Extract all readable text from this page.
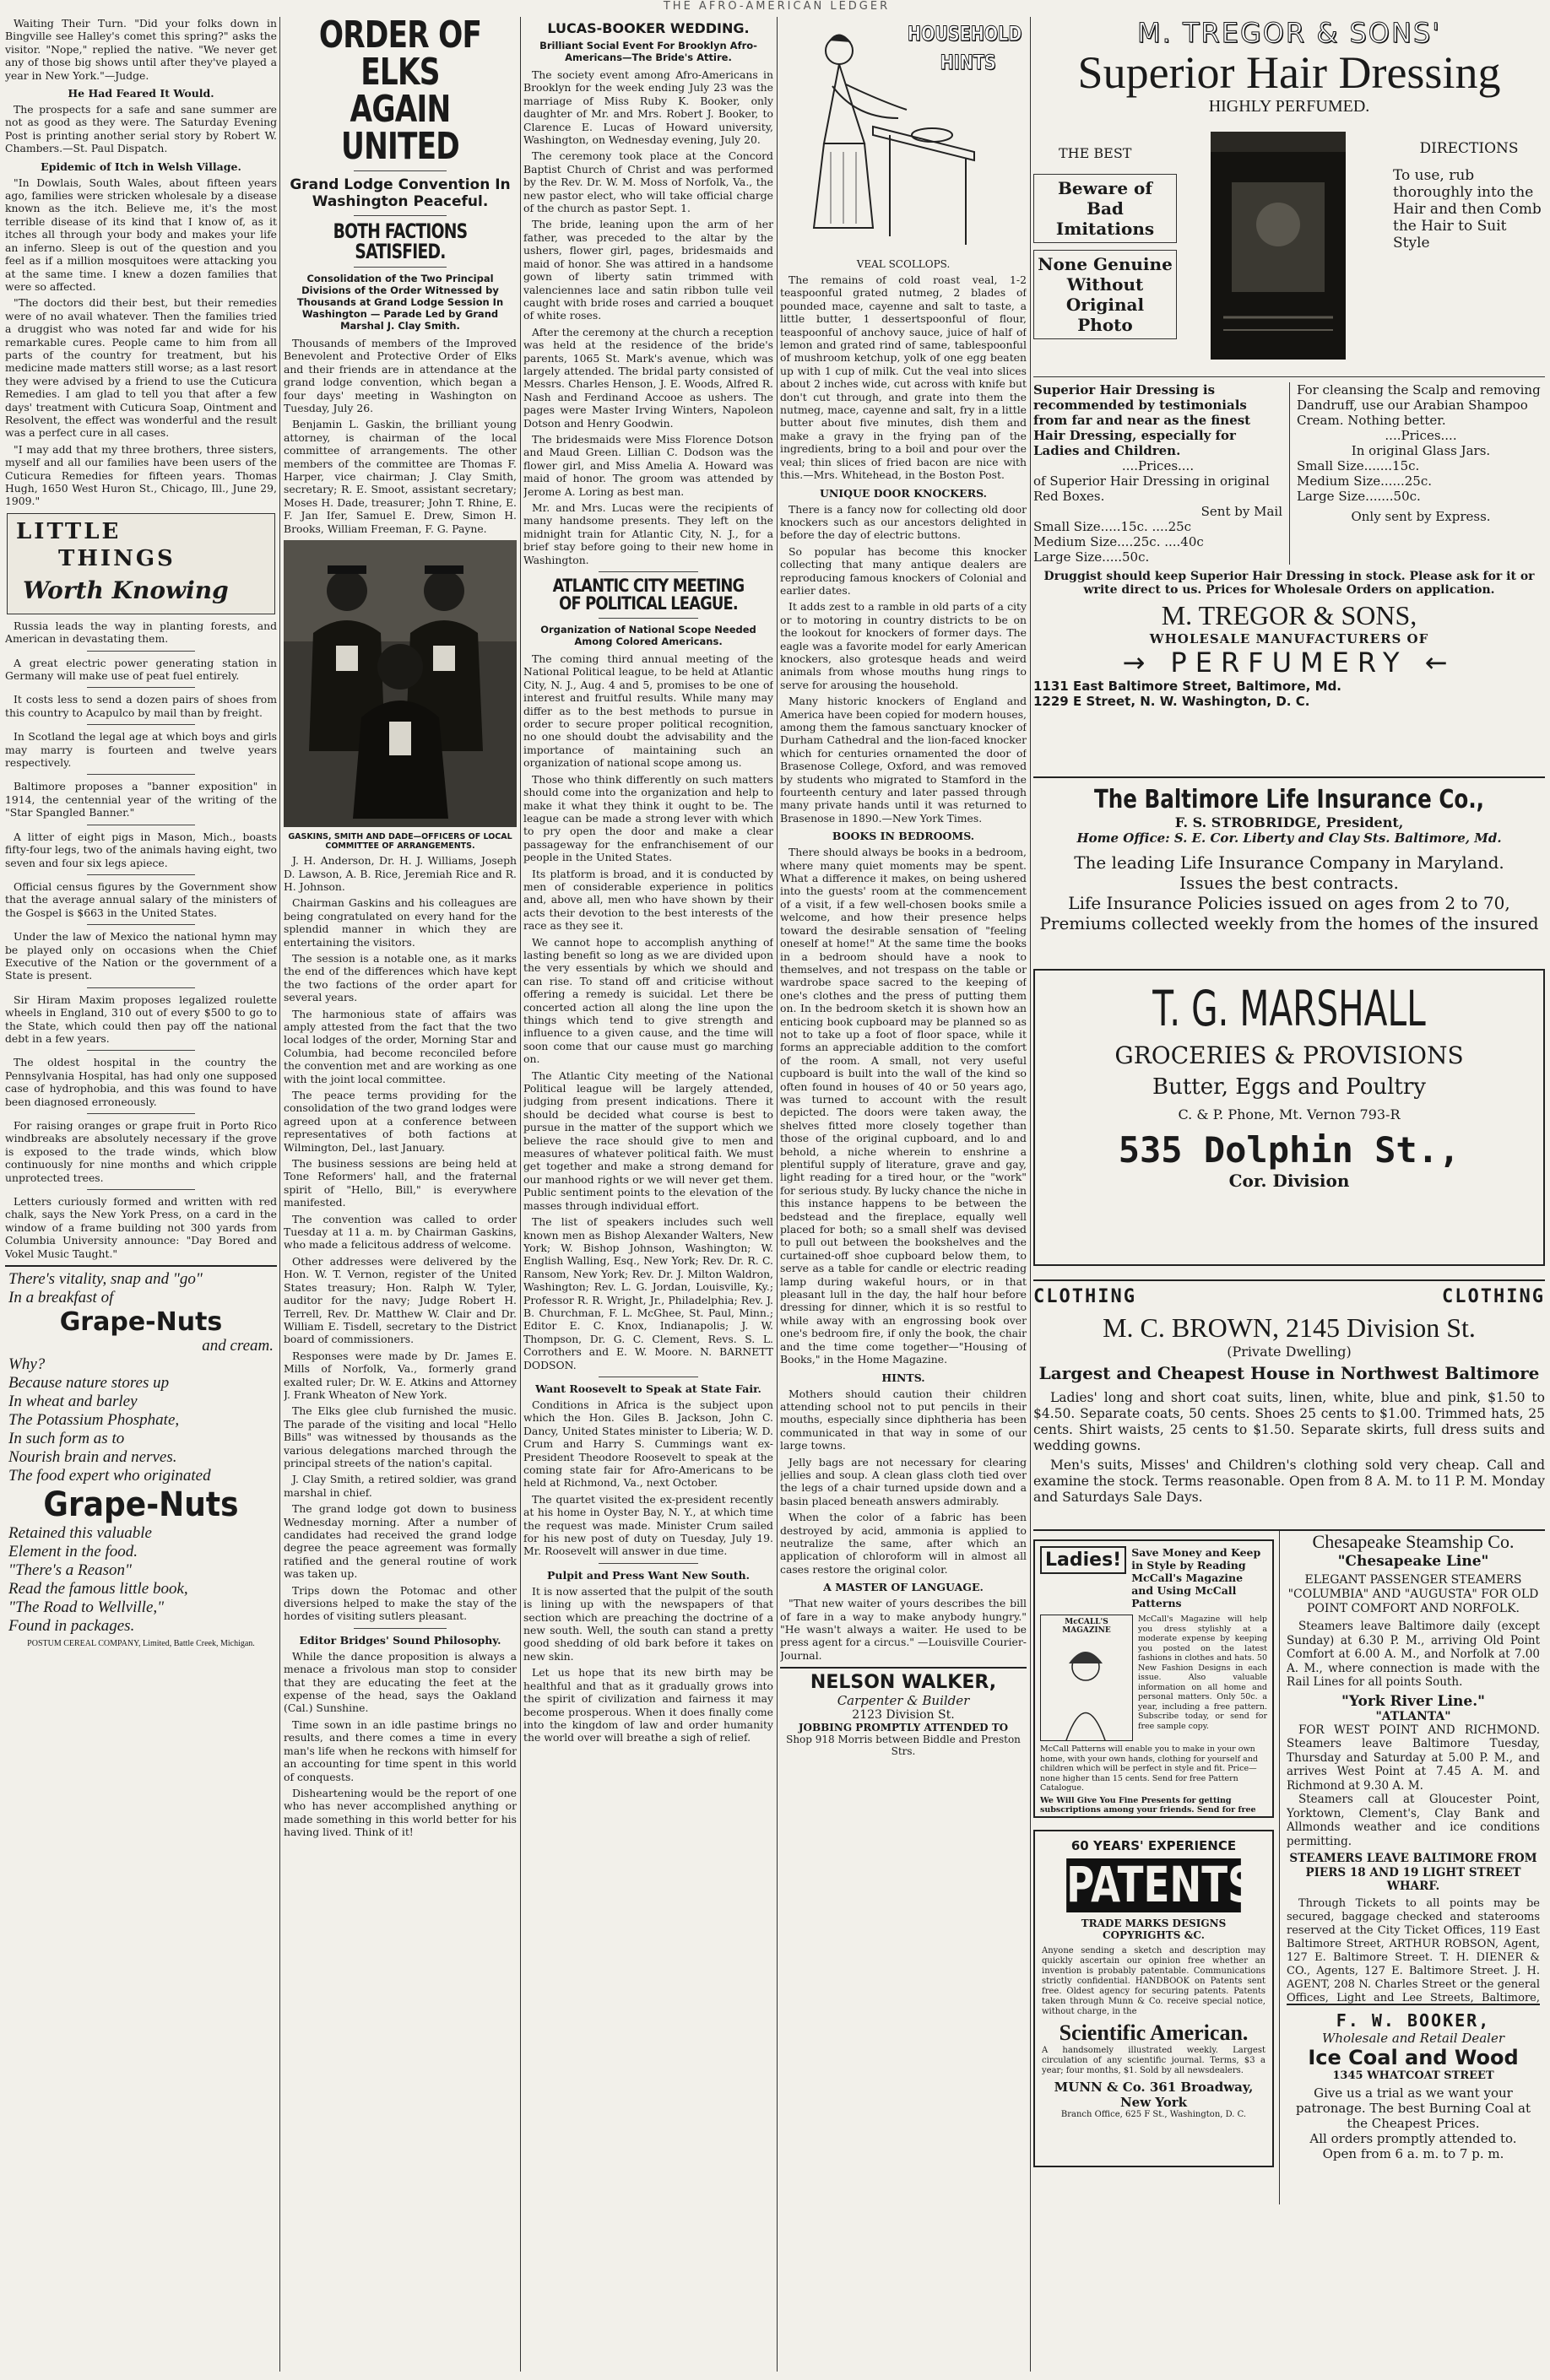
THE AFRO-AMERICAN LEDGER

Waiting Their Turn. "Did your folks down in Bingville see Halley's comet this spring?" asks the visitor. "Nope," replied the native. "We never get any of those big shows until after they've played a year in New York."—Judge.

He Had Feared It Would.

The prospects for a safe and sane summer are not as good as they were. The Saturday Evening Post is printing another serial story by Robert W. Chambers.—St. Paul Dispatch.

Epidemic of Itch in Welsh Village.

"In Dowlais, South Wales, about fifteen years ago, families were stricken wholesale by a disease known as the itch. Believe me, it's the most terrible disease of its kind that I know of, as it itches all through your body and makes your life an inferno. Sleep is out of the question and you feel as if a million mosquitoes were attacking you at the same time. I knew a dozen families that were so affected.

"The doctors did their best, but their remedies were of no avail whatever. Then the families tried a druggist who was noted far and wide for his remarkable cures. People came to him from all parts of the country for treatment, but his medicine made matters still worse; as a last resort they were advised by a friend to use the Cuticura Remedies. I am glad to tell you that after a few days' treatment with Cuticura Soap, Ointment and Resolvent, the effect was wonderful and the result was a perfect cure in all cases.

"I may add that my three brothers, three sisters, myself and all our families have been users of the Cuticura Remedies for fifteen years. Thomas Hugh, 1650 West Huron St., Chicago, Ill., June 29, 1909."

LITTLE
THINGS
Worth Knowing

Russia leads the way in planting forests, and American in devastating them.

A great electric power generating station in Germany will make use of peat fuel entirely.

It costs less to send a dozen pairs of shoes from this country to Acapulco by mail than by freight.

In Scotland the legal age at which boys and girls may marry is fourteen and twelve years respectively.

Baltimore proposes a "banner exposition" in 1914, the centennial year of the writing of the "Star Spangled Banner."

A litter of eight pigs in Mason, Mich., boasts fifty-four legs, two of the animals having eight, two seven and four six legs apiece.

Official census figures by the Government show that the average annual salary of the ministers of the Gospel is $663 in the United States.

Under the law of Mexico the national hymn may be played only on occasions when the Chief Executive of the Nation or the government of a State is present.

Sir Hiram Maxim proposes legalized roulette wheels in England, 310 out of every $500 to go to the State, which could then pay off the national debt in a few years.

The oldest hospital in the country the Pennsylvania Hospital, has had only one supposed case of hydrophobia, and this was found to have been diagnosed erroneously.

For raising oranges or grape fruit in Porto Rico windbreaks are absolutely necessary if the grove is exposed to the trade winds, which blow continuously for nine months and which cripple unprotected trees.

Letters curiously formed and written with red chalk, says the New York Press, on a card in the window of a frame building not 300 yards from Columbia University announce: "Day Bored and Vokel Music Taught."

There's vitality, snap and "go"
In a breakfast of
Grape-Nuts
and cream.
Why?
Because nature stores up
In wheat and barley
The Potassium Phosphate,
In such form as to
Nourish brain and nerves.
The food expert who originated
Grape-Nuts
Retained this valuable
Element in the food.
"There's a Reason"
Read the famous little book,
"The Road to Wellville,"
Found in packages.
POSTUM CEREAL COMPANY, Limited, Battle Creek, Michigan.
ORDER OF ELKS
AGAIN UNITED
Grand Lodge Convention In Washington Peaceful.
BOTH FACTIONS SATISFIED.
Consolidation of the Two Principal Divisions of the Order Witnessed by Thousands at Grand Lodge Session In Washington — Parade Led by Grand Marshal J. Clay Smith.

Thousands of members of the Improved Benevolent and Protective Order of Elks and their friends are in attendance at the grand lodge convention, which began a four days' meeting in Washington on Tuesday, July 26.

Benjamin L. Gaskin, the brilliant young attorney, is chairman of the local committee of arrangements. The other members of the committee are Thomas F. Harper, vice chairman; J. Clay Smith, secretary; R. E. Smoot, assistant secretary; Moses H. Dade, treasurer; John T. Rhine, E. F. Jan Ifer, Samuel E. Drew, Simon H. Brooks, William Freeman, F. G. Payne.

GASKINS, SMITH AND DADE—OFFICERS OF LOCAL COMMITTEE OF ARRANGEMENTS.

J. H. Anderson, Dr. H. J. Williams, Joseph D. Lawson, A. B. Rice, Jeremiah Rice and R. H. Johnson.

Chairman Gaskins and his colleagues are being congratulated on every hand for the splendid manner in which they are entertaining the visitors.

The session is a notable one, as it marks the end of the differences which have kept the two factions of the order apart for several years.

The harmonious state of affairs was amply attested from the fact that the two local lodges of the order, Morning Star and Columbia, had become reconciled before the convention met and are working as one with the joint local committee.

The peace terms providing for the consolidation of the two grand lodges were agreed upon at a conference between representatives of both factions at Wilmington, Del., last January.

The business sessions are being held at Tone Reformers' hall, and the fraternal spirit of "Hello, Bill," is everywhere manifested.

The convention was called to order Tuesday at 11 a. m. by Chairman Gaskins, who made a felicitous address of welcome.

Other addresses were delivered by the Hon. W. T. Vernon, register of the United States treasury; Hon. Ralph W. Tyler, auditor for the navy; Judge Robert H. Terrell, Rev. Dr. Matthew W. Clair and Dr. William E. Tisdell, secretary to the District board of commissioners.

Responses were made by Dr. James E. Mills of Norfolk, Va., formerly grand exalted ruler; Dr. W. E. Atkins and Attorney J. Frank Wheaton of New York.

The Elks glee club furnished the music. The parade of the visiting and local "Hello Bills" was witnessed by thousands as the various delegations marched through the principal streets of the nation's capital.

J. Clay Smith, a retired soldier, was grand marshal in chief.

The grand lodge got down to business Wednesday morning. After a number of candidates had received the grand lodge degree the peace agreement was formally ratified and the general routine of work was taken up.

Trips down the Potomac and other diversions helped to make the stay of the hordes of visiting sutlers pleasant.

Editor Bridges' Sound Philosophy.

While the dance proposition is always a menace a frivolous man stop to consider that they are educating the feet at the expense of the head, says the Oakland (Cal.) Sunshine.

Time sown in an idle pastime brings no results, and there comes a time in every man's life when he reckons with himself for an accounting for time spent in this world of conquests.

Disheartening would be the report of one who has never accomplished anything or made something in this world better for his having lived. Think of it!

LUCAS-BOOKER WEDDING.
Brilliant Social Event For Brooklyn Afro-Americans—The Bride's Attire.

The society event among Afro-Americans in Brooklyn for the week ending July 23 was the marriage of Miss Ruby K. Booker, only daughter of Mr. and Mrs. Robert J. Booker, to Clarence E. Lucas of Howard university, Washington, on Wednesday evening, July 20.

The ceremony took place at the Concord Baptist Church of Christ and was performed by the Rev. Dr. W. M. Moss of Norfolk, Va., the new pastor elect, who will take official charge of the church as pastor Sept. 1.

The bride, leaning upon the arm of her father, was preceded to the altar by the ushers, flower girl, pages, bridesmaids and maid of honor. She was attired in a handsome gown of liberty satin trimmed with valenciennes lace and satin ribbon tulle veil caught with bride roses and carried a bouquet of white roses.

After the ceremony at the church a reception was held at the residence of the bride's parents, 1065 St. Mark's avenue, which was largely attended. The bridal party consisted of Messrs. Charles Henson, J. E. Woods, Alfred R. Nash and Ferdinand Accooe as ushers. The pages were Master Irving Winters, Napoleon Dotson and Henry Goodwin.

The bridesmaids were Miss Florence Dotson and Maud Green. Lillian C. Dodson was the flower girl, and Miss Amelia A. Howard was maid of honor. The groom was attended by Jerome A. Loring as best man.

Mr. and Mrs. Lucas were the recipients of many handsome presents. They left on the midnight train for Atlantic City, N. J., for a brief stay before going to their new home in Washington.

ATLANTIC CITY MEETING OF POLITICAL LEAGUE.
Organization of National Scope Needed Among Colored Americans.

The coming third annual meeting of the National Political league, to be held at Atlantic City, N. J., Aug. 4 and 5, promises to be one of interest and fruitful results. While many may differ as to the best methods to pursue in order to secure proper political recognition, no one should doubt the advisability and the importance of maintaining such an organization of national scope among us.

Those who think differently on such matters should come into the organization and help to make it what they think it ought to be. The league can be made a strong lever with which to pry open the door and make a clear passageway for the enfranchisement of our people in the United States.

Its platform is broad, and it is conducted by men of considerable experience in politics and, above all, men who have shown by their acts their devotion to the best interests of the race as they see it.

We cannot hope to accomplish anything of lasting benefit so long as we are divided upon the very essentials by which we should and can rise. To stand off and criticise without offering a remedy is suicidal. Let there be concerted action all along the line upon the things which tend to give strength and influence to a given cause, and the time will soon come that our cause must go marching on.

The Atlantic City meeting of the National Political league will be largely attended, judging from present indications. There it should be decided what course is best to pursue in the matter of the support which we believe the race should give to men and measures of whatever political faith. We must get together and make a strong demand for our manhood rights or we will never get them. Public sentiment points to the elevation of the masses through individual effort.

The list of speakers includes such well known men as Bishop Alexander Walters, New York; W. Bishop Johnson, Washington; W. English Walling, Esq., New York; Rev. Dr. R. C. Ransom, New York; Rev. Dr. J. Milton Waldron, Washington; Rev. L. G. Jordan, Louisville, Ky.; Professor R. R. Wright, Jr., Philadelphia; Rev. J. B. Churchman, F. L. McGhee, St. Paul, Minn.; Editor E. C. Knox, Indianapolis; J. W. Thompson, Dr. G. C. Clement, Revs. S. L. Corrothers and E. W. Moore. N. BARNETT DODSON.

Want Roosevelt to Speak at State Fair.

Conditions in Africa is the subject upon which the Hon. Giles B. Jackson, John C. Dancy, United States minister to Liberia; W. D. Crum and Harry S. Cummings want ex-President Theodore Roosevelt to speak at the coming state fair for Afro-Americans to be held at Richmond, Va., next October.

The quartet visited the ex-president recently at his home in Oyster Bay, N. Y., at which time the request was made. Minister Crum sailed for his new post of duty on Tuesday, July 19. Mr. Roosevelt will answer in due time.

Pulpit and Press Want New South.

It is now asserted that the pulpit of the south is lining up with the newspapers of that section which are preaching the doctrine of a new south. Well, the south can stand a pretty good shedding of old bark before it takes on new skin.

Let us hope that its new birth may be healthful and that as it gradually grows into the spirit of civilization and fairness it may become prosperous. When it does finally come into the kingdom of law and order humanity the world over will breathe a sigh of relief.

HOUSEHOLD
HINTS
VEAL SCOLLOPS.

The remains of cold roast veal, 1-2 teaspoonful grated nutmeg, 2 blades of pounded mace, cayenne and salt to taste, a little butter, 1 dessertspoonful of flour, teaspoonful of anchovy sauce, juice of half of lemon and grated rind of same, tablespoonful of mushroom ketchup, yolk of one egg beaten up with 1 cup of milk. Cut the veal into slices about 2 inches wide, cut across with knife but don't cut through, and grate into them the nutmeg, mace, cayenne and salt, fry in a little butter about five minutes, dish them and make a gravy in the frying pan of the ingredients, bring to a boil and pour over the veal; thin slices of fried bacon are nice with this.—Mrs. Whitehead, in the Boston Post.

UNIQUE DOOR KNOCKERS.

There is a fancy now for collecting old door knockers such as our ancestors delighted in before the day of electric buttons.

So popular has become this knocker collecting that many antique dealers are reproducing famous knockers of Colonial and earlier dates.

It adds zest to a ramble in old parts of a city or to motoring in country districts to be on the lookout for knockers of former days. The eagle was a favorite model for early American knockers, also grotesque heads and weird animals from whose mouths hung rings to serve for arousing the household.

Many historic knockers of England and America have been copied for modern houses, among them the famous sanctuary knocker of Durham Cathedral and the lion-faced knocker which for centuries ornamented the door of Brasenose College, Oxford, and was removed by students who migrated to Stamford in the fourteenth century and later passed through many private hands until it was returned to Brasenose in 1890.—New York Times.

BOOKS IN BEDROOMS.

There should always be books in a bedroom, where many quiet moments may be spent. What a difference it makes, on being ushered into the guests' room at the commencement of a visit, if a few well-chosen books smile a welcome, and how their presence helps toward the desirable sensation of "feeling oneself at home!" At the same time the books in a bedroom should have a nook to themselves, and not trespass on the table or wardrobe space sacred to the keeping of one's clothes and the press of putting them on. In the bedroom sketch it is shown how an enticing book cupboard may be planned so as not to take up a foot of floor space, while it forms an appreciable addition to the comfort of the room. A small, not very useful cupboard is built into the wall of the kind so often found in houses of 40 or 50 years ago, was turned to account with the result depicted. The doors were taken away, the shelves fitted more closely together than those of the original cupboard, and lo and behold, a niche wherein to enshrine a plentiful supply of literature, grave and gay, light reading for a tired hour, or the "work" for serious study. By lucky chance the niche in this instance happens to be between the bedstead and the fireplace, equally well placed for both; so a small shelf was devised to pull out between the bookshelves and the curtained-off shoe cupboard below them, to serve as a table for candle or electric reading lamp during wakeful hours, or in that pleasant lull in the day, the half hour before dressing for dinner, which it is so restful to while away with an engrossing book over one's bedroom fire, if only the book, the chair and the time come together—"Housing of Books," in the Home Magazine.

HINTS.

Mothers should caution their children attending school not to put pencils in their mouths, especially since diphtheria has been communicated in that way in some of our large towns.

Jelly bags are not necessary for clearing jellies and soup. A clean glass cloth tied over the legs of a chair turned upside down and a basin placed beneath answers admirably.

When the color of a fabric has been destroyed by acid, ammonia is applied to neutralize the same, after which an application of chloroform will in almost all cases restore the original color.

A MASTER OF LANGUAGE.

"That new waiter of yours describes the bill of fare in a way to make anybody hungry." "He wasn't always a waiter. He used to be press agent for a circus." —Louisville Courier-Journal.

NELSON WALKER,
Carpenter & Builder
2123 Division St.
JOBBING PROMPTLY ATTENDED TO
Shop 918 Morris between Biddle and Preston Strs.
M. TREGOR & SONS'
Superior Hair Dressing
HIGHLY PERFUMED.
THE BEST
Beware of Bad Imitations
None Genuine Without Original Photo
DIRECTIONS
To use, rub thoroughly into the Hair and then Comb the Hair to Suit Style
Superior Hair Dressing is recommended by testimonials from far and near as the finest Hair Dressing, especially for Ladies and Children.
....Prices....
of Superior Hair Dressing in original Red Boxes.
Sent by Mail
Small Size.....15c. ....25c
Medium Size....25c. ....40c
Large Size.....50c.
For cleansing the Scalp and removing Dandruff, use our Arabian Shampoo Cream. Nothing better.
....Prices....
In original Glass Jars.
Small Size.......15c.
Medium Size......25c.
Large Size.......50c.
Only sent by Express.
Druggist should keep Superior Hair Dressing in stock. Please ask for it or write direct to us. Prices for Wholesale Orders on application.
M. TREGOR & SONS,
WHOLESALE MANUFACTURERS OF
→ PERFUMERY ←
1131 East Baltimore Street, Baltimore, Md.
1229 E Street, N. W. Washington, D. C.
The Baltimore Life Insurance Co.,
F. S. STROBRIDGE, President,
Home Office: S. E. Cor. Liberty and Clay Sts. Baltimore, Md.
The leading Life Insurance Company in Maryland.
Issues the best contracts.
Life Insurance Policies issued on ages from 2 to 70,
Premiums collected weekly from the homes of the insured
T. G. MARSHALL
GROCERIES & PROVISIONS
Butter, Eggs and Poultry
C. & P. Phone, Mt. Vernon 793-R
535 Dolphin St.,
Cor. Division
CLOTHING	CLOTHING
M. C. BROWN, 2145 Division St.
(Private Dwelling)
Largest and Cheapest House in Northwest Baltimore

Ladies' long and short coat suits, linen, white, blue and pink, $1.50 to $4.50. Separate coats, 50 cents. Shoes 25 cents to $1.00. Trimmed hats, 25 cents. Shirt waists, 25 cents to $1.50. Separate skirts, full dress suits and wedding gowns.

Men's suits, Misses' and Children's clothing sold very cheap. Call and examine the stock. Terms reasonable. Open from 8 A. M. to 11 P. M. Monday and Saturdays Sale Days.

Ladies! Save Money and Keep in Style by Reading McCall's Magazine and Using McCall Patterns
McCALL'S MAGAZINE
McCall's Magazine will help you dress stylishly at a moderate expense by keeping you posted on the latest fashions in clothes and hats. 50 New Fashion Designs in each issue. Also valuable information on all home and personal matters. Only 50c. a year, including a free pattern. Subscribe today, or send for free sample copy.
McCall Patterns will enable you to make in your own home, with your own hands, clothing for yourself and children which will be perfect in style and fit. Price—none higher than 15 cents. Send for free Pattern Catalogue.
We Will Give You Fine Presents for getting subscriptions among your friends. Send for free
60 YEARS' EXPERIENCE
PATENTS
TRADE MARKS DESIGNS COPYRIGHTS &C.
Anyone sending a sketch and description may quickly ascertain our opinion free whether an invention is probably patentable. Communications strictly confidential. HANDBOOK on Patents sent free. Oldest agency for securing patents. Patents taken through Munn & Co. receive special notice, without charge, in the
Scientific American.
A handsomely illustrated weekly. Largest circulation of any scientific journal. Terms, $3 a year; four months, $1. Sold by all newsdealers.
MUNN & Co. 361 Broadway, New York
Branch Office, 625 F St., Washington, D. C.
Chesapeake Steamship Co.
"Chesapeake Line"
ELEGANT PASSENGER STEAMERS "COLUMBIA" AND "AUGUSTA" FOR OLD POINT COMFORT AND NORFOLK.

Steamers leave Baltimore daily (except Sunday) at 6.30 P. M., arriving Old Point Comfort at 6.00 A. M., and Norfolk at 7.00 A. M., where connection is made with the Rail Lines for all points South.

"York River Line."
"ATLANTA"

FOR WEST POINT AND RICHMOND. Steamers leave Baltimore Tuesday, Thursday and Saturday at 5.00 P. M., and arrives West Point at 7.45 A. M. and Richmond at 9.30 A. M.

Steamers call at Gloucester Point, Yorktown, Clement's, Clay Bank and Allmonds weather and ice conditions permitting.

STEAMERS LEAVE BALTIMORE FROM PIERS 18 AND 19 LIGHT STREET WHARF.

Through Tickets to all points may be secured, baggage checked and staterooms reserved at the City Ticket Offices, 119 East Baltimore Street, ARTHUR ROBSON, Agent, 127 E. Baltimore Street. T. H. DIENER & CO., Agents, 127 E. Baltimore Street. J. H. AGENT, 208 N. Charles Street or the general Offices, Light and Lee Streets, Baltimore,

F. W. BOOKER,
Wholesale and Retail Dealer
Ice Coal and Wood
1345 WHATCOAT STREET
Give us a trial as we want your patronage. The best Burning Coal at the Cheapest Prices.
All orders promptly attended to.
Open from 6 a. m. to 7 p. m.
